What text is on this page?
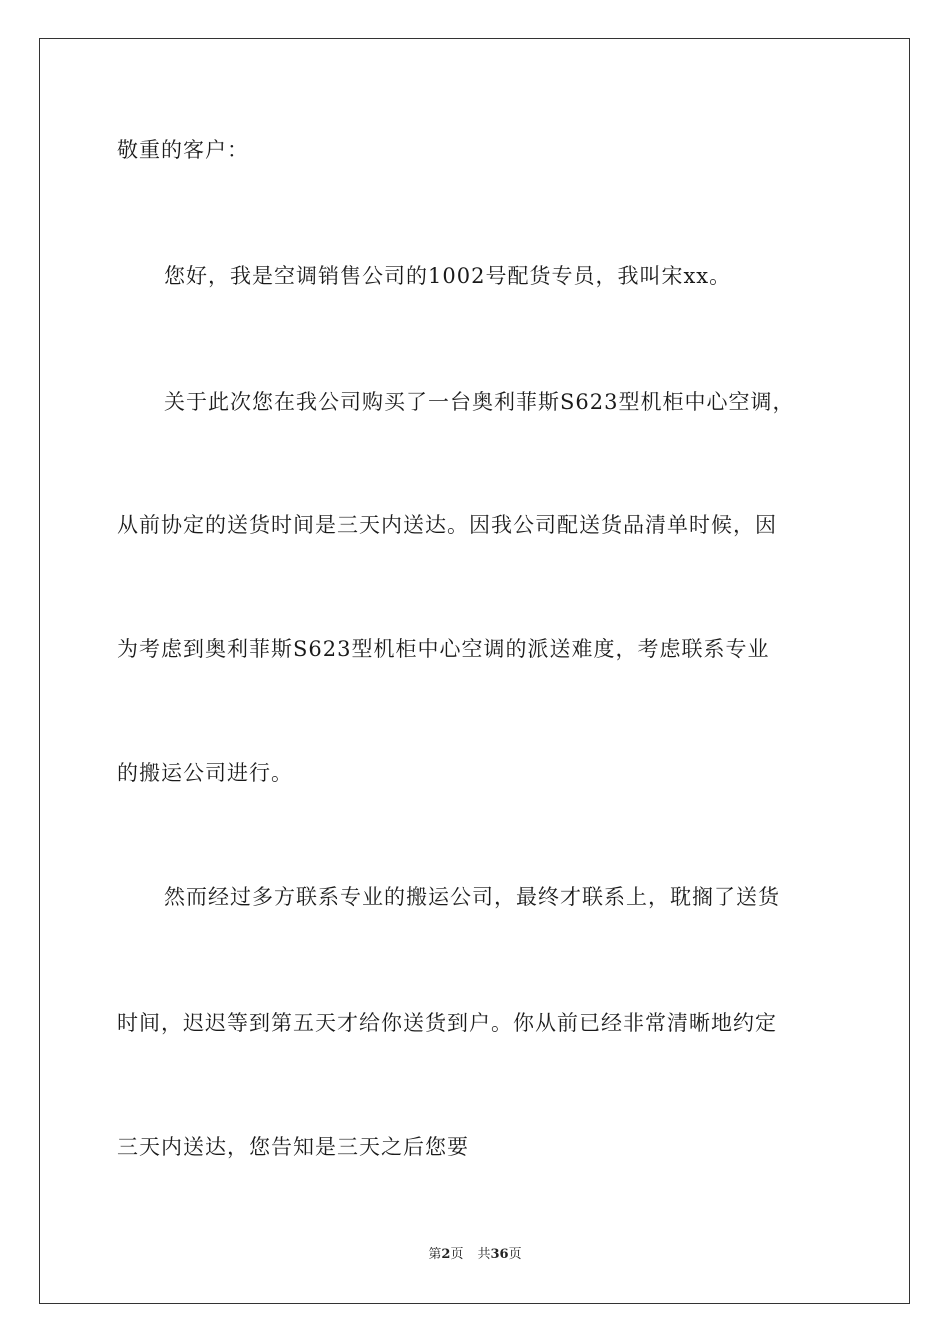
敬重的客户：
您好，我是空调销售公司的1002号配货专员，我叫宋xx。
关于此次您在我公司购买了一台奥利菲斯S623型机柜中心空调，
从前协定的送货时间是三天内送达。因我公司配送货品清单时候，因
为考虑到奥利菲斯S623型机柜中心空调的派送难度，考虑联系专业
的搬运公司进行。
然而经过多方联系专业的搬运公司，最终才联系上，耽搁了送货
时间，迟迟等到第五天才给你送货到户。你从前已经非常清晰地约定
三天内送达，您告知是三天之后您要
第2页 共36页
